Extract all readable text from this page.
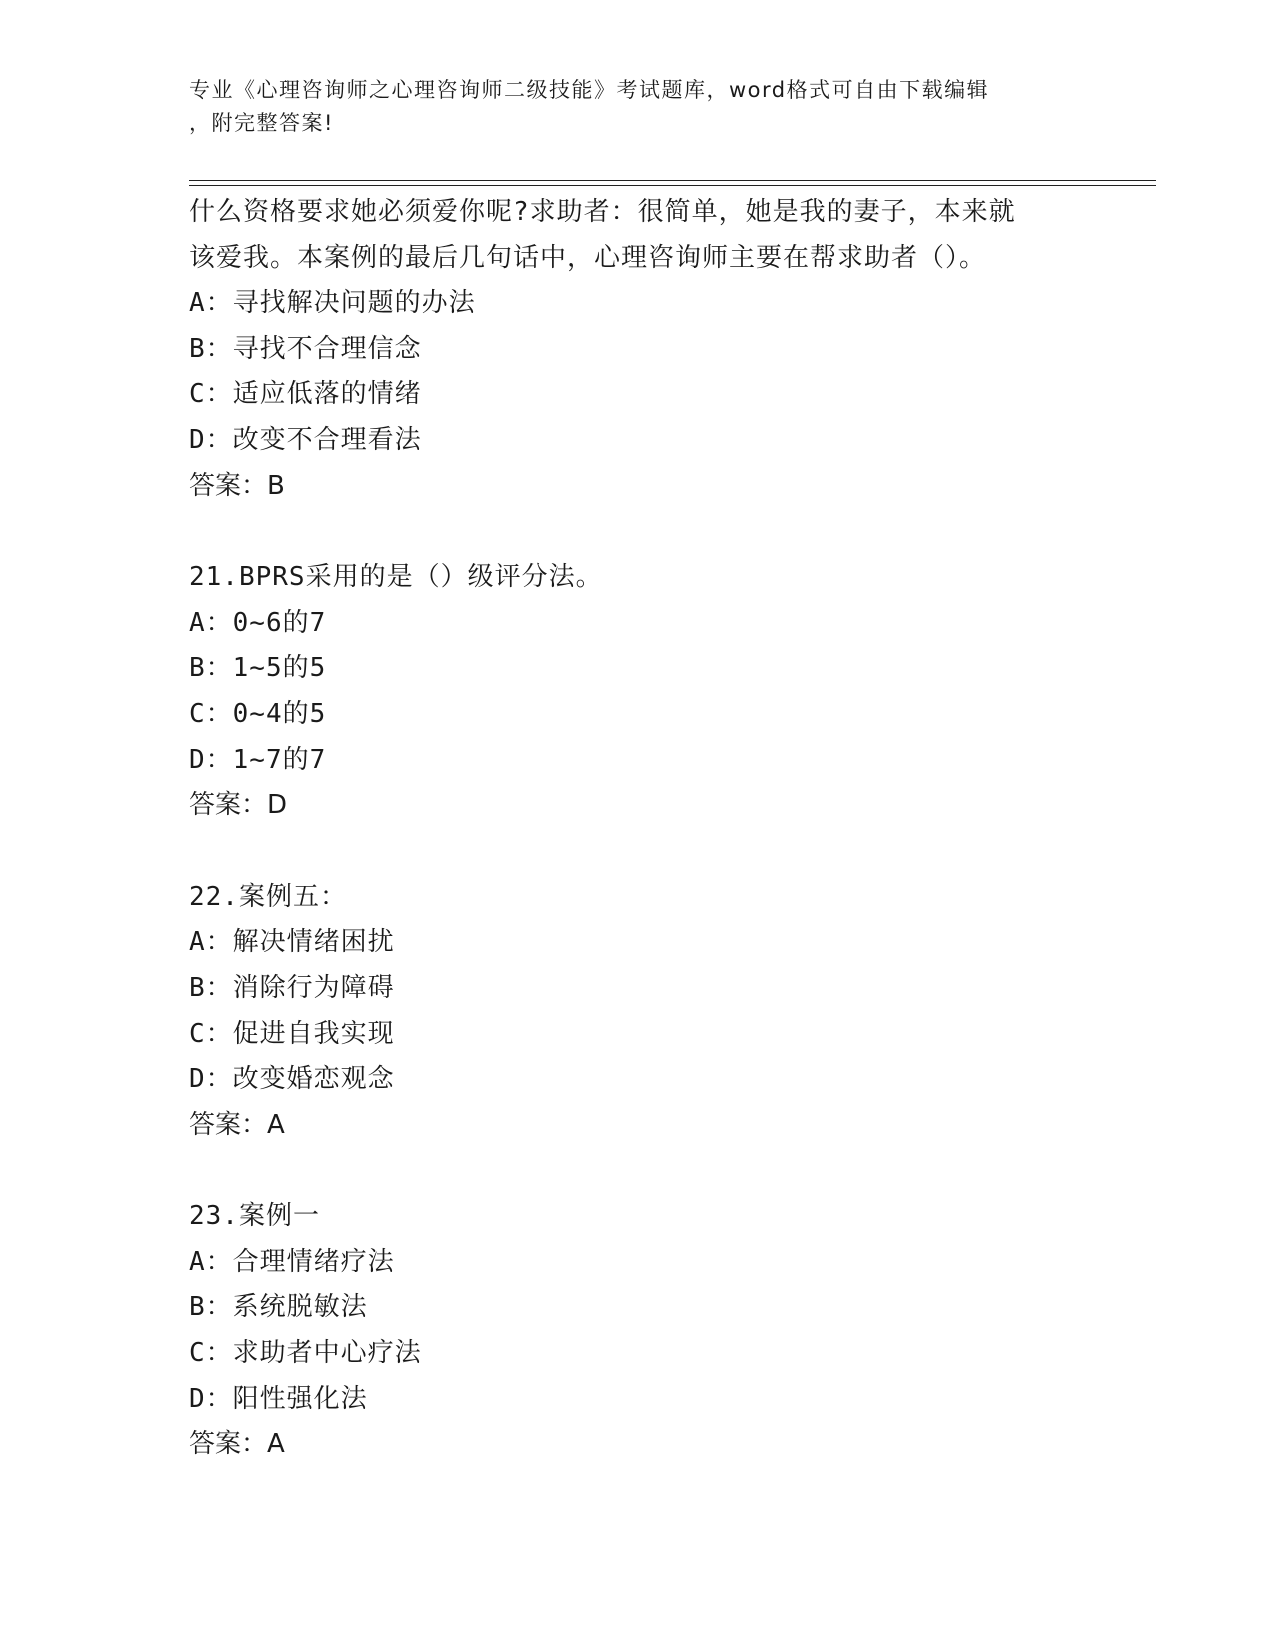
专业《心理咨询师之心理咨询师二级技能》考试题库，word格式可自由下载编辑
，附完整答案!
什么资格要求她必须爱你呢?求助者：很简单，她是我的妻子，本来就
该爱我。本案例的最后几句话中，心理咨询师主要在帮求助者（）。
A：寻找解决问题的办法
B：寻找不合理信念
C：适应低落的情绪
D：改变不合理看法
答案：B
21.BPRS采用的是（）级评分法。
A：0~6的7
B：1~5的5
C：0~4的5
D：1~7的7
答案：D
22.案例五：
A：解决情绪困扰
B：消除行为障碍
C：促进自我实现
D：改变婚恋观念
答案：A
23.案例一
A：合理情绪疗法
B：系统脱敏法
C：求助者中心疗法
D：阳性强化法
答案：A
